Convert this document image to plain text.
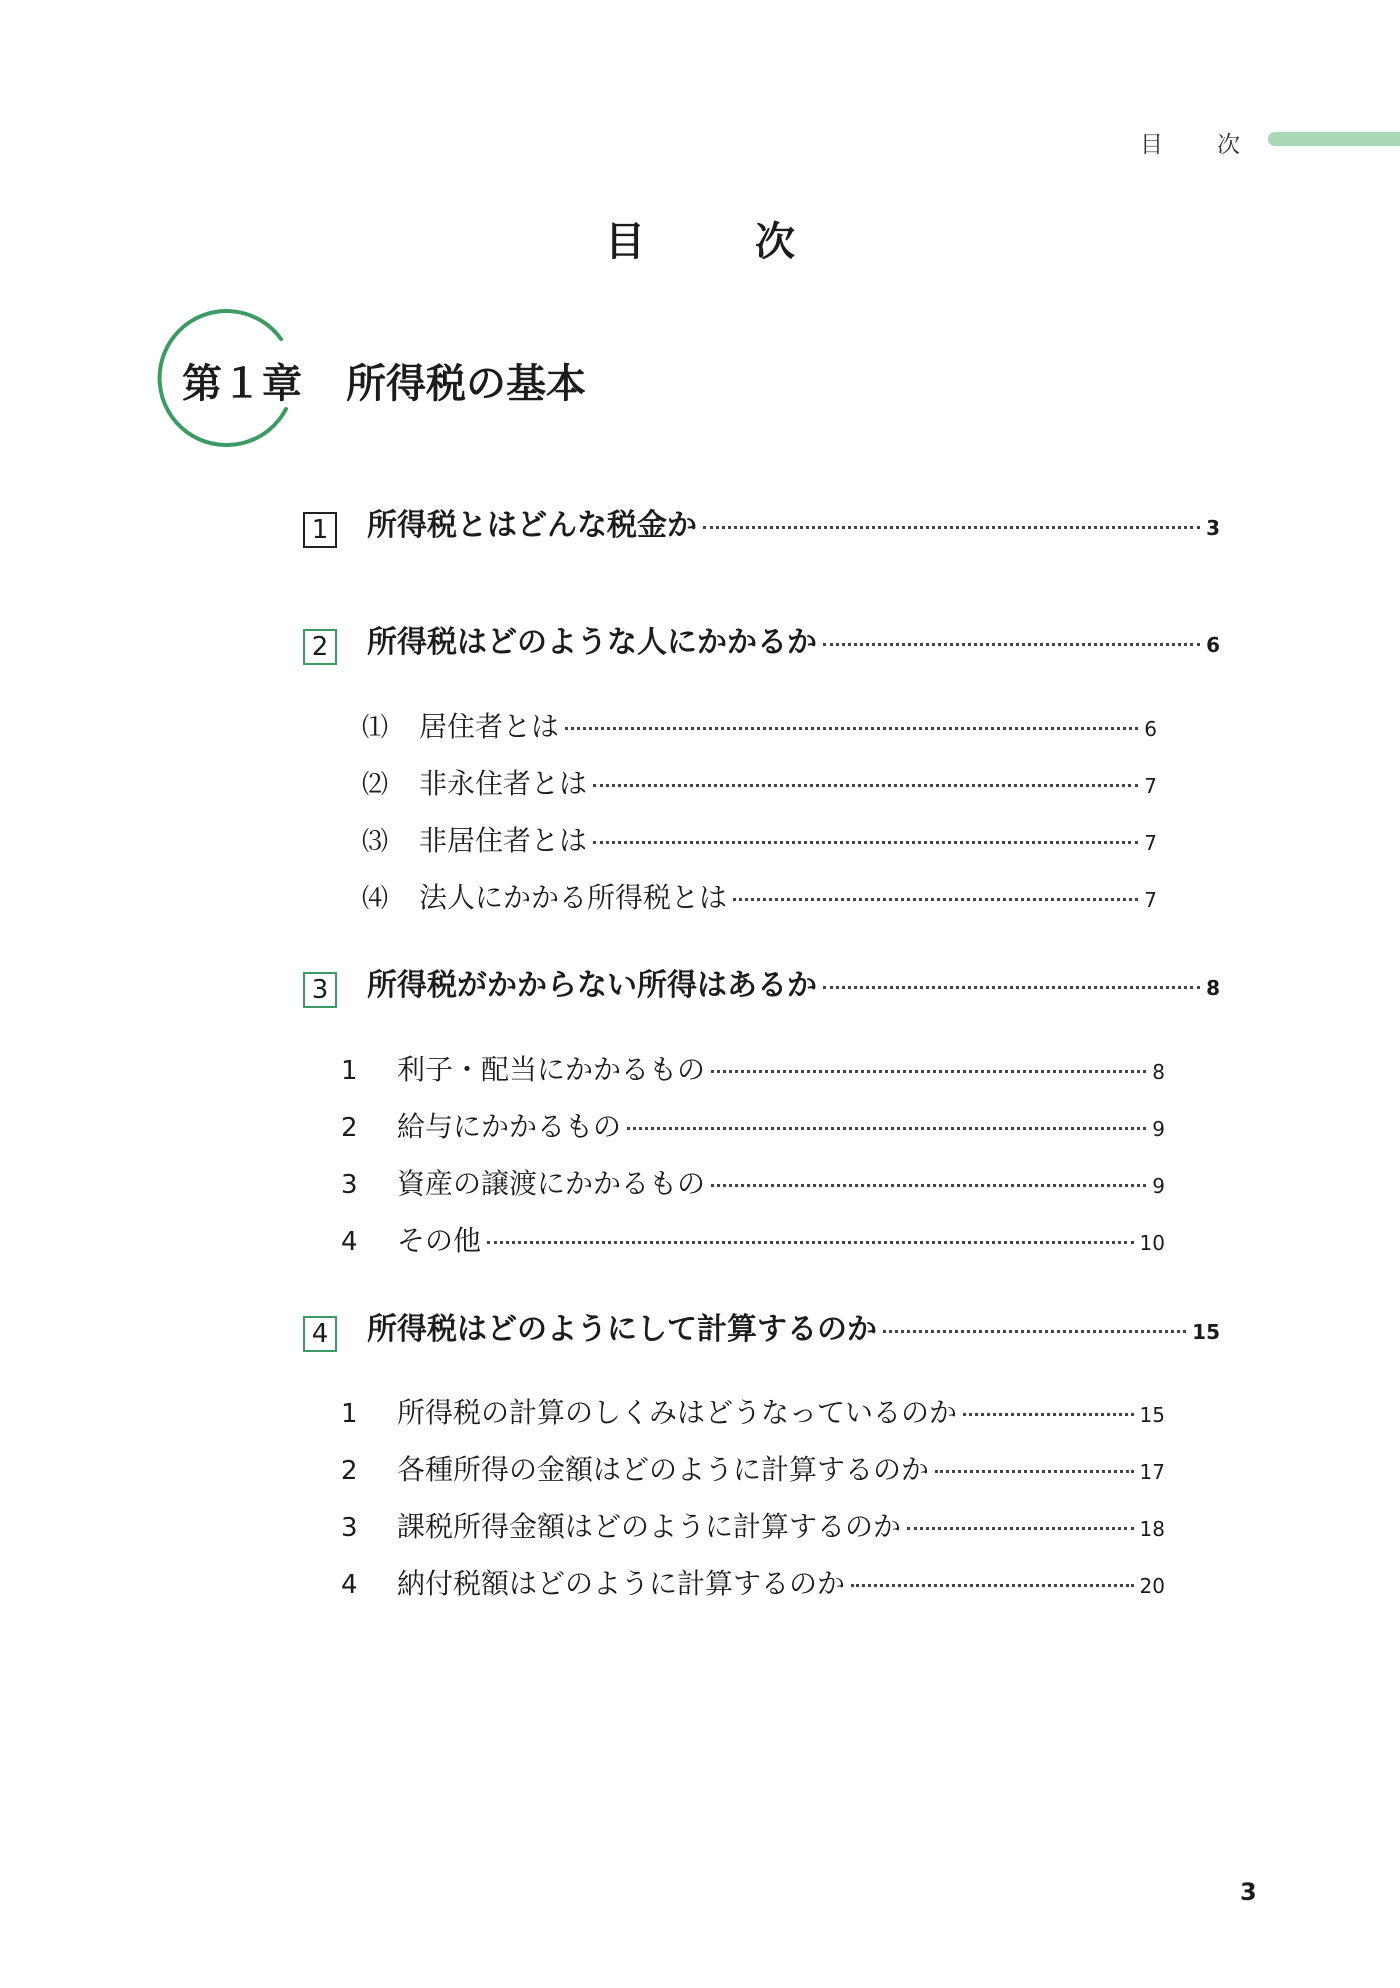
目 次
目	次
第１章 所得税の基本
1 所得税とはどんな税金か	3
2 所得税はどのような人にかかるか	6
⑴	居住者とは	6
⑵	非永住者とは	7
⑶	非居住者とは	7
⑷	法人にかかる所得税とは	7
3 所得税がかからない所得はあるか	8
1	利子・配当にかかるもの	8
2	給与にかかるもの	9
3	資産の譲渡にかかるもの	9
4	その他	10
4 所得税はどのようにして計算するのか	15
1	所得税の計算のしくみはどうなっているのか	15
2	各種所得の金額はどのように計算するのか	17
3	課税所得金額はどのように計算するのか	18
4	納付税額はどのように計算するのか	20
3
